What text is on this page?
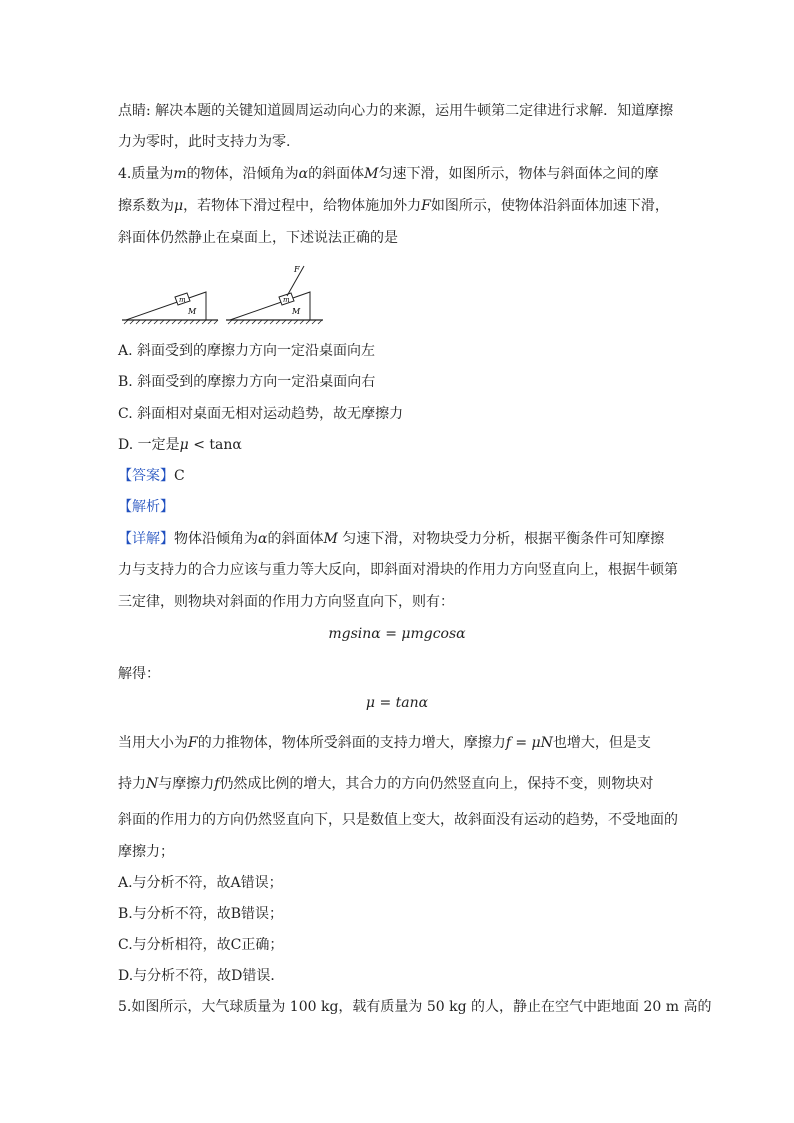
点睛: 解决本题的关键知道圆周运动向心力的来源，运用牛顿第二定律进行求解．知道摩擦
力为零时，此时支持力为零.
4.质量为m的物体，沿倾角为α的斜面体M匀速下滑，如图所示，物体与斜面体之间的摩
擦系数为μ，若物体下滑过程中，给物体施加外力F如图所示，使物体沿斜面体加速下滑，
斜面体仍然静止在桌面上，下述说法正确的是
m
M
F
m
M
A. 斜面受到的摩擦力方向一定沿桌面向左
B. 斜面受到的摩擦力方向一定沿桌面向右
C. 斜面相对桌面无相对运动趋势，故无摩擦力
D. 一定是μ < tanα
【答案】C
【解析】
【详解】物体沿倾角为α的斜面体M 匀速下滑，对物块受力分析，根据平衡条件可知摩擦
力与支持力的合力应该与重力等大反向，即斜面对滑块的作用力方向竖直向上，根据牛顿第
三定律，则物块对斜面的作用力方向竖直向下，则有：
mgsinα = μmgcosα
解得：
μ = tanα
当用大小为F的力推物体，物体所受斜面的支持力增大，摩擦力f = μN也增大，但是支
持力N与摩擦力f仍然成比例的增大，其合力的方向仍然竖直向上，保持不变，则物块对
斜面的作用力的方向仍然竖直向下，只是数值上变大，故斜面没有运动的趋势，不受地面的
摩擦力；
A.与分析不符，故A错误；
B.与分析不符，故B错误；
C.与分析相符，故C正确；
D.与分析不符，故D错误．
5.如图所示，大气球质量为 100 kg，载有质量为 50 kg 的人，静止在空气中距地面 20 m 高的
